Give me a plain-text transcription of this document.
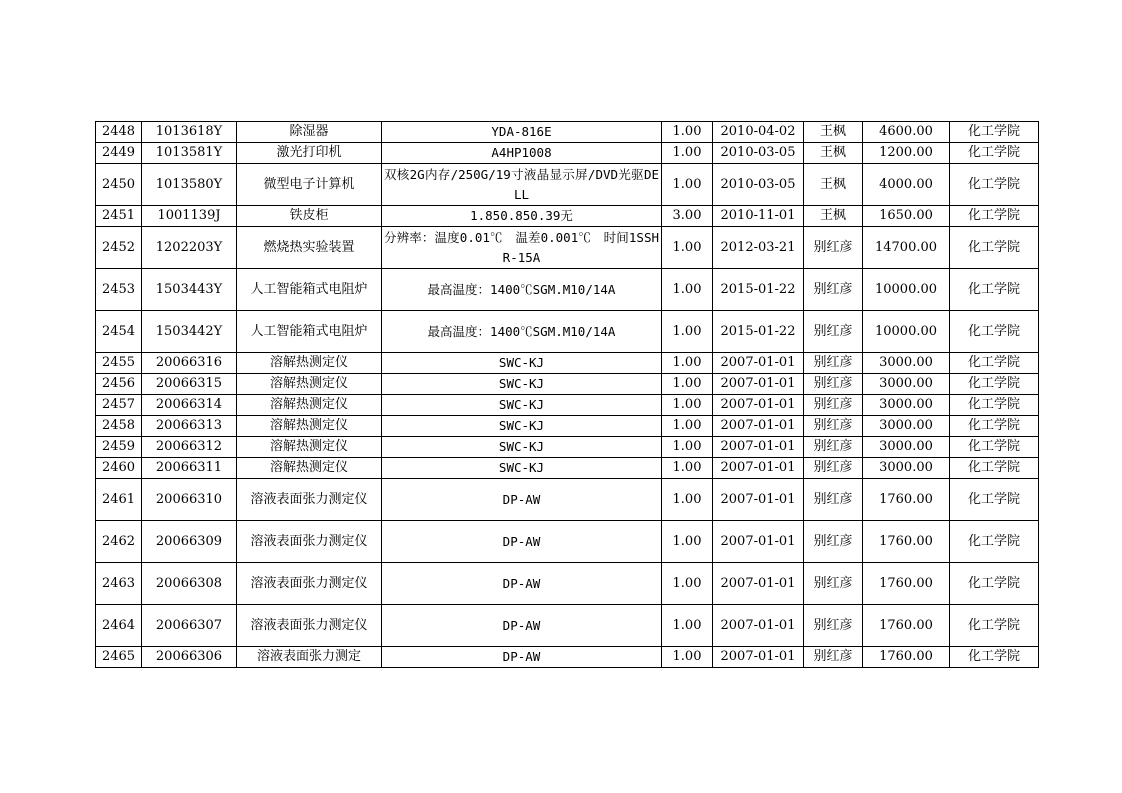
2448	1013618Y	除湿器	YDA-816E	1.00	2010-04-02	王枫	4600.00	化工学院
2449	1013581Y	激光打印机	A4HP1008	1.00	2010-03-05	王枫	1200.00	化工学院
2450	1013580Y	微型电子计算机	双核2G内存/250G/19寸液晶显示屏/DVD光驱DELL	1.00	2010-03-05	王枫	4000.00	化工学院
2451	1001139J	铁皮柜	1.850.850.39无	3.00	2010-11-01	王枫	1650.00	化工学院
2452	1202203Y	燃烧热实验装置	分辨率：温度0.01℃　温差0.001℃　时间1SSHR-15A	1.00	2012-03-21	别红彦	14700.00	化工学院
2453	1503443Y	人工智能箱式电阻炉	最高温度：1400℃SGM.M10/14A	1.00	2015-01-22	别红彦	10000.00	化工学院
2454	1503442Y	人工智能箱式电阻炉	最高温度：1400℃SGM.M10/14A	1.00	2015-01-22	别红彦	10000.00	化工学院
2455	20066316	溶解热测定仪	SWC-KJ	1.00	2007-01-01	别红彦	3000.00	化工学院
2456	20066315	溶解热测定仪	SWC-KJ	1.00	2007-01-01	别红彦	3000.00	化工学院
2457	20066314	溶解热测定仪	SWC-KJ	1.00	2007-01-01	别红彦	3000.00	化工学院
2458	20066313	溶解热测定仪	SWC-KJ	1.00	2007-01-01	别红彦	3000.00	化工学院
2459	20066312	溶解热测定仪	SWC-KJ	1.00	2007-01-01	别红彦	3000.00	化工学院
2460	20066311	溶解热测定仪	SWC-KJ	1.00	2007-01-01	别红彦	3000.00	化工学院
2461	20066310	溶液表面张力测定仪	DP-AW	1.00	2007-01-01	别红彦	1760.00	化工学院
2462	20066309	溶液表面张力测定仪	DP-AW	1.00	2007-01-01	别红彦	1760.00	化工学院
2463	20066308	溶液表面张力测定仪	DP-AW	1.00	2007-01-01	别红彦	1760.00	化工学院
2464	20066307	溶液表面张力测定仪	DP-AW	1.00	2007-01-01	别红彦	1760.00	化工学院
2465	20066306	溶液表面张力测定	DP-AW	1.00	2007-01-01	别红彦	1760.00	化工学院
